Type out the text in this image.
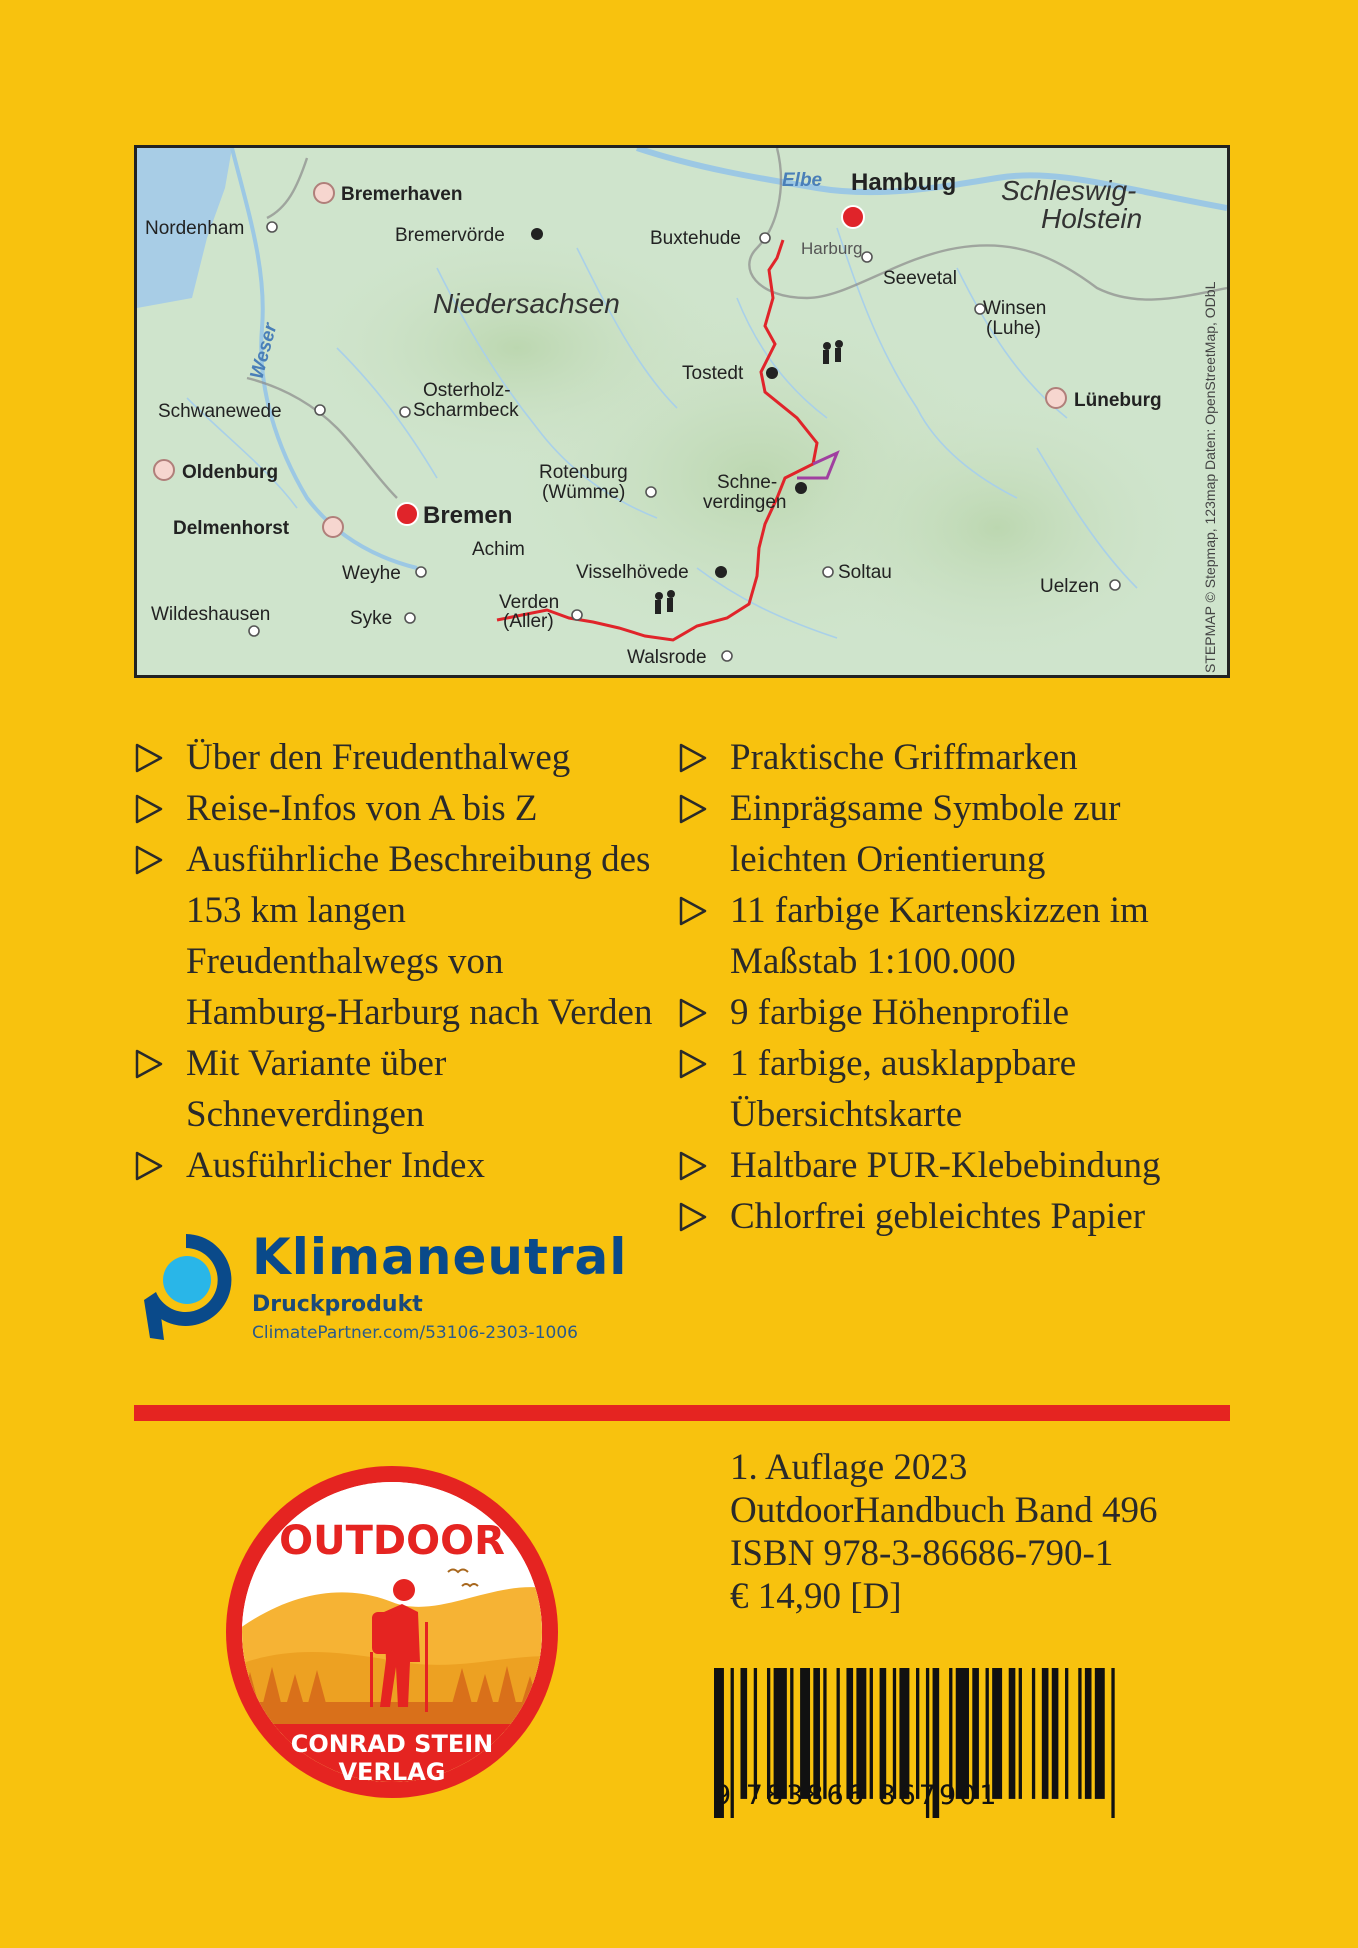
Elbe
Weser
Niedersachsen
Schleswig-
Holstein
Hamburg
Bremen
Bremerhaven
Nordenham	Bremervörde	Buxtehude	Harburg
Seevetal
Winsen
(Luhe)
Tostedt
Lüneburg
Schwanewede
Osterholz-
Scharmbeck
Oldenburg	Rotenburg
(Wümme)	Schne-
verdingen
Delmenhorst
Achim
Weyhe	Visselhövede	Soltau
Uelzen
Wildeshausen	Syke
Verden
(Aller)
Walsrode	STEPMAP © Stepmap, 123map Daten: OpenStreetMap, ODbL
Über den Freudenthalweg
Reise-Infos von A bis Z
Ausführliche Beschreibung des 153 km langen Freudenthalwegs von Hamburg-Harburg nach Verden
Mit Variante über Schneverdingen
Ausführlicher Index
Praktische Griffmarken
Einprägsame Symbole zur leichten Orientierung
11 farbige Kartenskizzen im Maßstab 1:100.000
9 farbige Höhenprofile
1 farbige, ausklappbare Übersichtskarte
Haltbare PUR-Klebebindung
Chlorfrei gebleichtes Papier
Klimaneutral
Druckprodukt
ClimatePartner.com/53106-2303-1006
OUTDOOR
CONRAD STEIN
VERLAG
1. Auflage 2023
OutdoorHandbuch Band 496
ISBN 978-3-86686-790-1
€ 14,90 [D]
9 783866 867901
